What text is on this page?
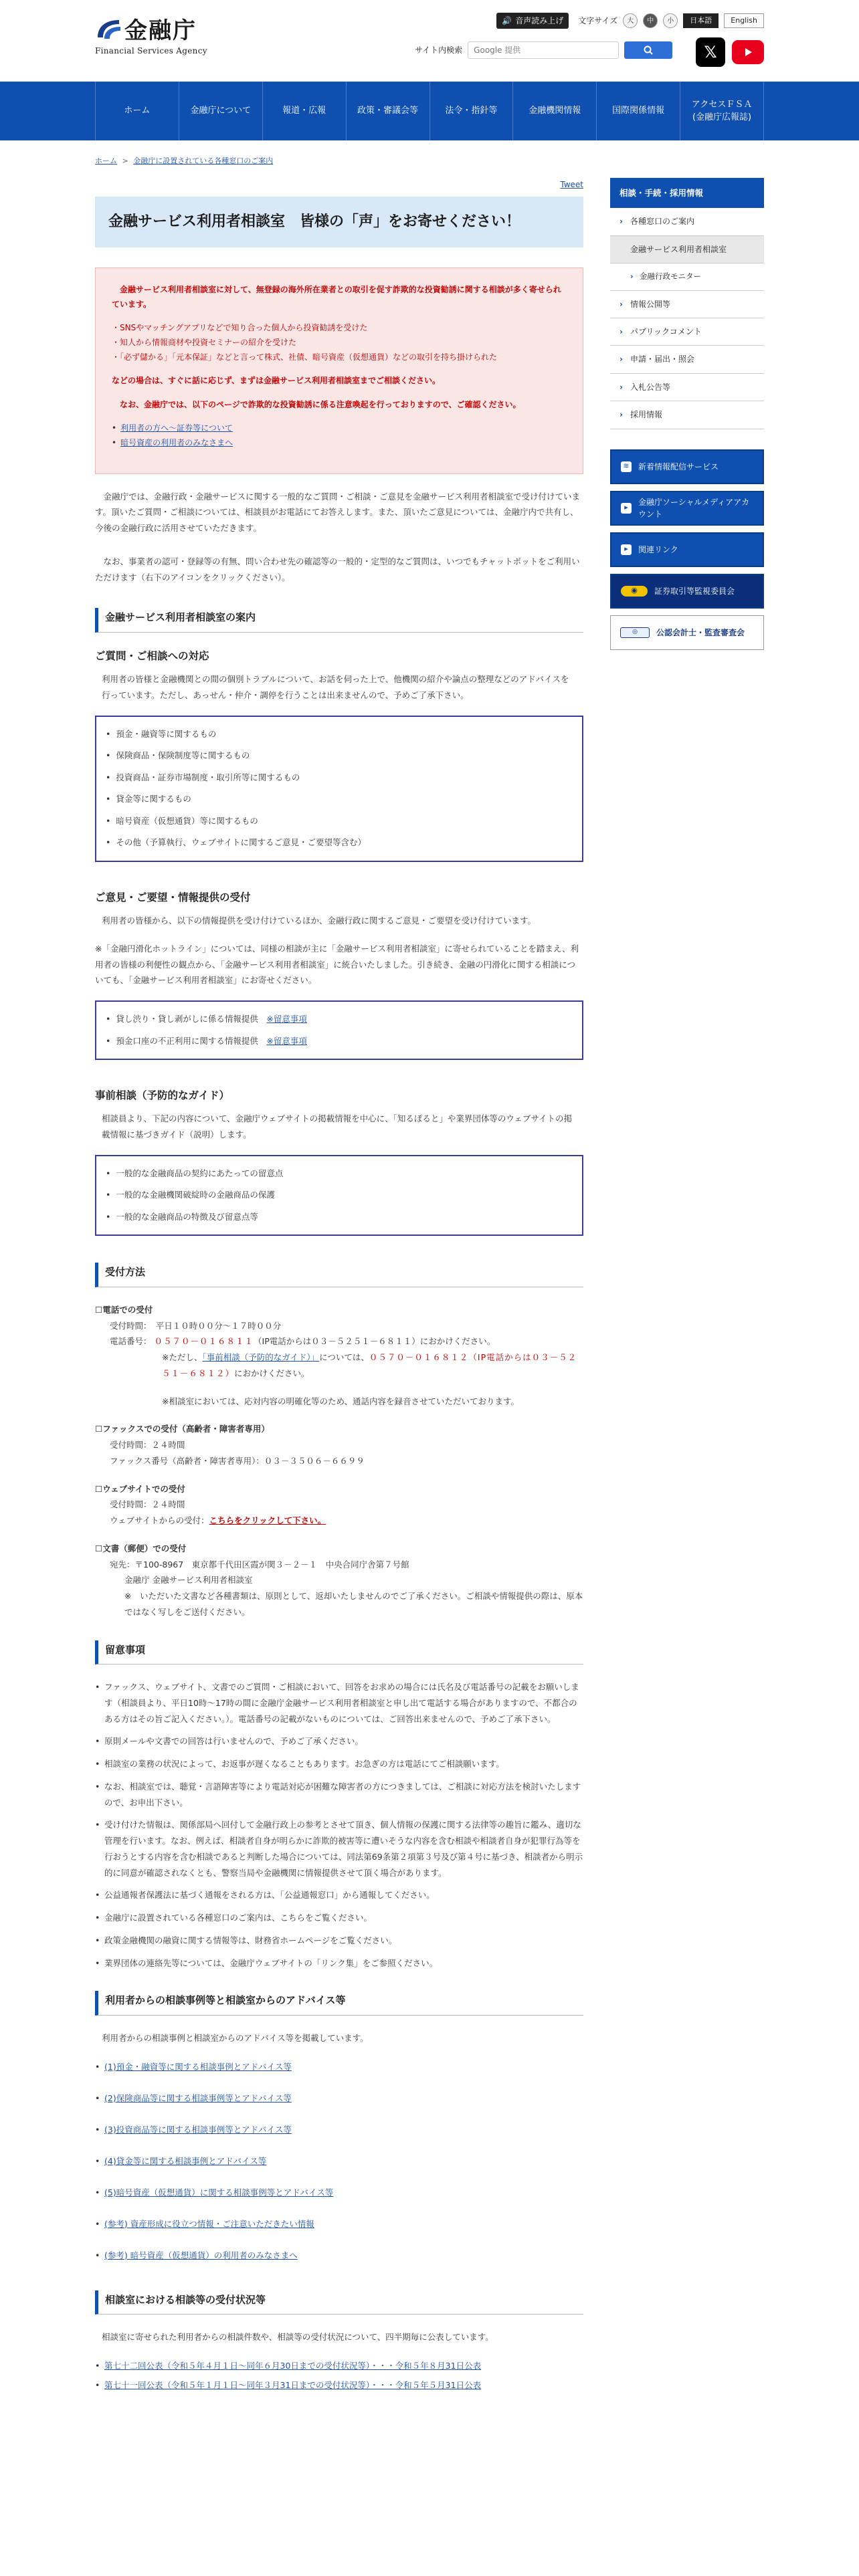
金融庁
Financial Services Agency
🔊 音声読み上げ 文字サイズ	大	中	小	日本語	English
サイト内検索	Google 提供	𝕏
ホーム	金融庁について	報道・広報	政策・審議会等	法令・指針等	金融機関情報	国際関係情報
アクセスＦＳＡ
(金融庁広報誌)
ホーム > 金融庁に設置されている各種窓口のご案内
Tweet
金融サービス利用者相談室　皆様の「声」をお寄せください！

金融サービス利用者相談室に対して、無登録の海外所在業者との取引を促す詐欺的な投資勧誘に関する相談が多く寄せられています。

・SNSやマッチングアプリなどで知り合った個人から投資勧誘を受けた
・知人から情報商材や投資セミナーの紹介を受けた
・「必ず儲かる」「元本保証」などと言って株式、社債、暗号資産（仮想通貨）などの取引を持ち掛けられた

などの場合は、すぐに話に応じず、まずは金融サービス利用者相談室までご相談ください。

なお、金融庁では、以下のページで詐欺的な投資勧誘に係る注意喚起を行っておりますので、ご確認ください。

• 利用者の方へ～証券等について
• 暗号資産の利用者のみなさまへ

金融庁では、金融行政・金融サービスに関する一般的なご質問・ご相談・ご意見を金融サービス利用者相談室で受け付けています。頂いたご質問・ご相談については、相談員がお電話にてお答えします。また、頂いたご意見については、金融庁内で共有し、今後の金融行政に活用させていただきます。

なお、事業者の認可・登録等の有無、問い合わせ先の確認等の一般的・定型的なご質問は、いつでもチャットボットをご利用いただけます（右下のアイコンをクリックください）。

金融サービス利用者相談室の案内
ご質問・ご相談への対応

利用者の皆様と金融機関との間の個別トラブルについて、お話を伺った上で、他機関の紹介や論点の整理などのアドバイスを行っています。ただし、あっせん・仲介・調停を行うことは出来ませんので、予めご了承下さい。

• 預金・融資等に関するもの
• 保険商品・保険制度等に関するもの
• 投資商品・証券市場制度・取引所等に関するもの
• 貸金等に関するもの
• 暗号資産（仮想通貨）等に関するもの
• その他（予算執行、ウェブサイトに関するご意見・ご要望等含む）
ご意見・ご要望・情報提供の受付

利用者の皆様から、以下の情報提供を受け付けているほか、金融行政に関するご意見・ご要望を受け付けています。

※「金融円滑化ホットライン」については、同様の相談が主に「金融サービス利用者相談室」に寄せられていることを踏まえ、利用者の皆様の利便性の観点から、「金融サービス利用者相談室」に統合いたしました。引き続き、金融の円滑化に関する相談についても、「金融サービス利用者相談室」にお寄せください。

• 貸し渋り・貸し剥がしに係る情報提供　 ※留意事項
• 預金口座の不正利用に関する情報提供　 ※留意事項
事前相談（予防的なガイド）

相談員より、下記の内容について、金融庁ウェブサイトの掲載情報を中心に、「知るぽると」や業界団体等のウェブサイトの掲載情報に基づきガイド（説明）します。

• 一般的な金融商品の契約にあたっての留意点
• 一般的な金融機関破綻時の金融商品の保護
• 一般的な金融商品の特徴及び留意点等
受付方法
☐電話での受付
受付時間：　平日１０時００分～１７時００分
電話番号： ０５７０－０１６８１１（IP電話からは０３－５２５１－６８１１）におかけください。
※ただし、「事前相談（予防的なガイド）」については、０５７０－０１６８１２（IP電話からは０３－５２５１－６８１２）におかけください。
※相談室においては、応対内容の明確化等のため、通話内容を録音させていただいております。
☐ファックスでの受付（高齢者・障害者専用）
受付時間：２４時間
ファックス番号（高齢者・障害者専用）：０３－３５０６－６６９９
☐ウェブサイトでの受付
受付時間：２４時間
ウェブサイトからの受付：こちらをクリックして下さい。
☐文書（郵便）での受付
宛先：〒100-8967　東京都千代田区霞が関３－２－１　中央合同庁舎第７号館
金融庁 金融サービス利用者相談室
※　いただいた文書など各種書類は、原則として、返却いたしませんのでご了承ください。ご相談や情報提供の際は、原本ではなく写しをご送付ください。
留意事項
• ファックス、ウェブサイト、文書でのご質問・ご相談において、回答をお求めの場合には氏名及び電話番号の記載をお願いします（相談員より、平日10時～17時の間に金融庁金融サービス利用者相談室と申し出て電話する場合がありますので、不都合のある方はその旨ご記入ください。）。電話番号の記載がないものについては、ご回答出来ませんので、予めご了承下さい。
• 原則メールや文書での回答は行いませんので、予めご了承ください。
• 相談室の業務の状況によって、お返事が遅くなることもあります。お急ぎの方は電話にてご相談願います。
• なお、相談室では、聴覚・言語障害等により電話対応が困難な障害者の方につきましては、ご相談に対応方法を検討いたしますので、お申出下さい。
• 受け付けた情報は、関係部局へ回付して金融行政上の参考とさせて頂き、個人情報の保護に関する法律等の趣旨に鑑み、適切な管理を行います。なお、例えば、相談者自身が明らかに詐欺的被害等に遭いそうな内容を含む相談や相談者自身が犯罪行為等を行おうとする内容を含む相談であると判断した場合については、同法第69条第２項第３号及び第４号に基づき、相談者から明示的に同意が確認されなくとも、警察当局や金融機関に情報提供させて頂く場合があります。
• 公益通報者保護法に基づく通報をされる方は、「公益通報窓口」から通報してください。
• 金融庁に設置されている各種窓口のご案内は、こちらをご覧ください。
• 政策金融機関の融資に関する情報等は、財務省ホームページをご覧ください。
• 業界団体の連絡先等については、金融庁ウェブサイトの「リンク集」をご参照ください。
利用者からの相談事例等と相談室からのアドバイス等

利用者からの相談事例と相談室からのアドバイス等を掲載しています。

• (1)預金・融資等に関する相談事例とアドバイス等
• (2)保険商品等に関する相談事例等とアドバイス等
• (3)投資商品等に関する相談事例等とアドバイス等
• (4)貸金等に関する相談事例とアドバイス等
• (5)暗号資産（仮想通貨）に関する相談事例等とアドバイス等
• (参考) 資産形成に役立つ情報・ご注意いただきたい情報
• (参考) 暗号資産（仮想通貨）の利用者のみなさまへ
相談室における相談等の受付状況等

相談室に寄せられた利用者からの相談件数や、相談等の受付状況について、四半期毎に公表しています。

• 第七十二回公表（令和５年４月１日～同年６月30日までの受付状況等）・・・令和５年８月31日公表
• 第七十一回公表（令和５年１月１日～同年３月31日までの受付状況等）・・・令和５年５月31日公表
相談・手続・採用情報
› 各種窓口のご案内
金融サービス利用者相談室
› 金融行政モニター
› 情報公開等
› パブリックコメント
› 申請・届出・照会
› 入札公告等
› 採用情報
≋ 新着情報配信サービス
▸
金融庁ソーシャルメディアアカウント
▸	関連リンク
◉	証券取引等監視委員会
◎	公認会計士・監査審査会
